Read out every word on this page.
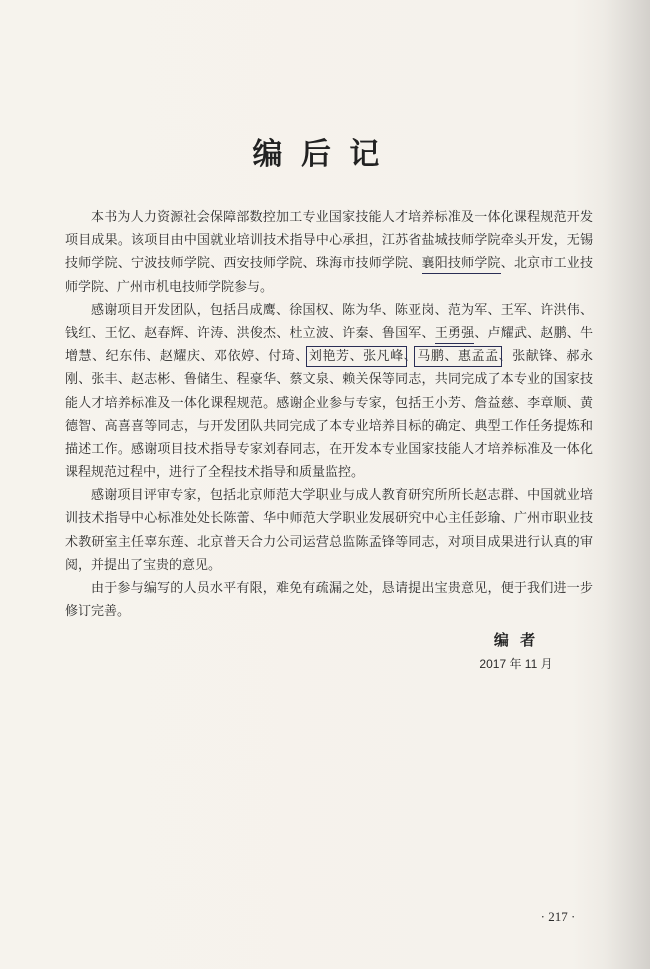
编 后 记
本书为人力资源社会保障部数控加工专业国家技能人才培养标准及一体化课程规范开发
项目成果。该项目由中国就业培训技术指导中心承担，江苏省盐城技师学院牵头开发，无锡
技师学院、宁波技师学院、西安技师学院、珠海市技师学院、襄阳技师学院、北京市工业技
师学院、广州市机电技师学院参与。
感谢项目开发团队，包括吕成鹰、徐国权、陈为华、陈亚岗、范为军、王军、许洪伟、
钱红、王忆、赵春辉、许涛、洪俊杰、杜立波、许秦、鲁国军、王勇强、卢耀武、赵鹏、牛
增慧、纪东伟、赵耀庆、邓依婷、付琦、刘艳芳、张凡峰、马鹏、惠孟孟、张献锋、郝永
刚、张丰、赵志彬、鲁储生、程豪华、蔡文泉、赖关保等同志，共同完成了本专业的国家技
能人才培养标准及一体化课程规范。感谢企业参与专家，包括王小芳、詹益慈、李章顺、黄
德智、高喜喜等同志，与开发团队共同完成了本专业培养目标的确定、典型工作任务提炼和
描述工作。感谢项目技术指导专家刘春同志，在开发本专业国家技能人才培养标准及一体化
课程规范过程中，进行了全程技术指导和质量监控。
感谢项目评审专家，包括北京师范大学职业与成人教育研究所所长赵志群、中国就业培
训技术指导中心标准处处长陈蕾、华中师范大学职业发展研究中心主任彭瑜、广州市职业技
术教研室主任辜东莲、北京普天合力公司运营总监陈孟锋等同志，对项目成果进行认真的审
阅，并提出了宝贵的意见。
由于参与编写的人员水平有限，难免有疏漏之处，恳请提出宝贵意见，便于我们进一步
修订完善。
编 者
2017 年 11 月
· 217 ·
